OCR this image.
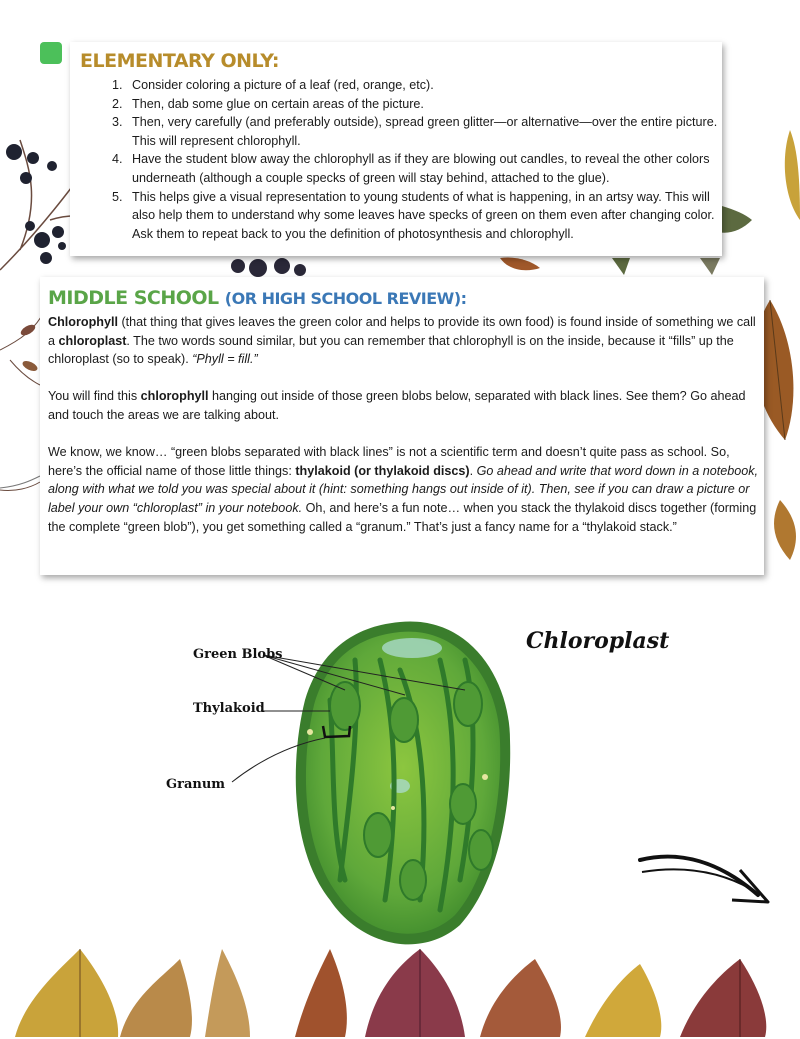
ELEMENTARY ONLY:
1. Consider coloring a picture of a leaf (red, orange, etc).
2. Then, dab some glue on certain areas of the picture.
3. Then, very carefully (and preferably outside), spread green glitter—or alternative—over the entire picture. This will represent chlorophyll.
4. Have the student blow away the chlorophyll as if they are blowing out candles, to reveal the other colors underneath (although a couple specks of green will stay behind, attached to the glue).
5. This helps give a visual representation to young students of what is happening, in an artsy way. This will also help them to understand why some leaves have specks of green on them even after changing color. Ask them to repeat back to you the definition of photosynthesis and chlorophyll.
MIDDLE SCHOOL (OR HIGH SCHOOL REVIEW):

Chlorophyll (that thing that gives leaves the green color and helps to provide its own food) is found inside of something we call a chloroplast. The two words sound similar, but you can remember that chlorophyll is on the inside, because it “fills” up the chloroplast (so to speak). “Phyll = fill.”

You will find this chlorophyll hanging out inside of those green blobs below, separated with black lines. See them? Go ahead and touch the areas we are talking about.

We know, we know… “green blobs separated with black lines” is not a scientific term and doesn’t quite pass as school. So, here’s the official name of those little things: thylakoid (or thylakoid discs). Go ahead and write that word down in a notebook, along with what we told you was special about it (hint: something hangs out inside of it). Then, see if you can draw a picture or label your own “chloroplast” in your notebook. Oh, and here’s a fun note… when you stack the thylakoid discs together (forming the complete “green blob”), you get something called a “granum.” That’s just a fancy name for a “thylakoid stack.”

Chloroplast
Green Blobs
Thylakoid
Granum
